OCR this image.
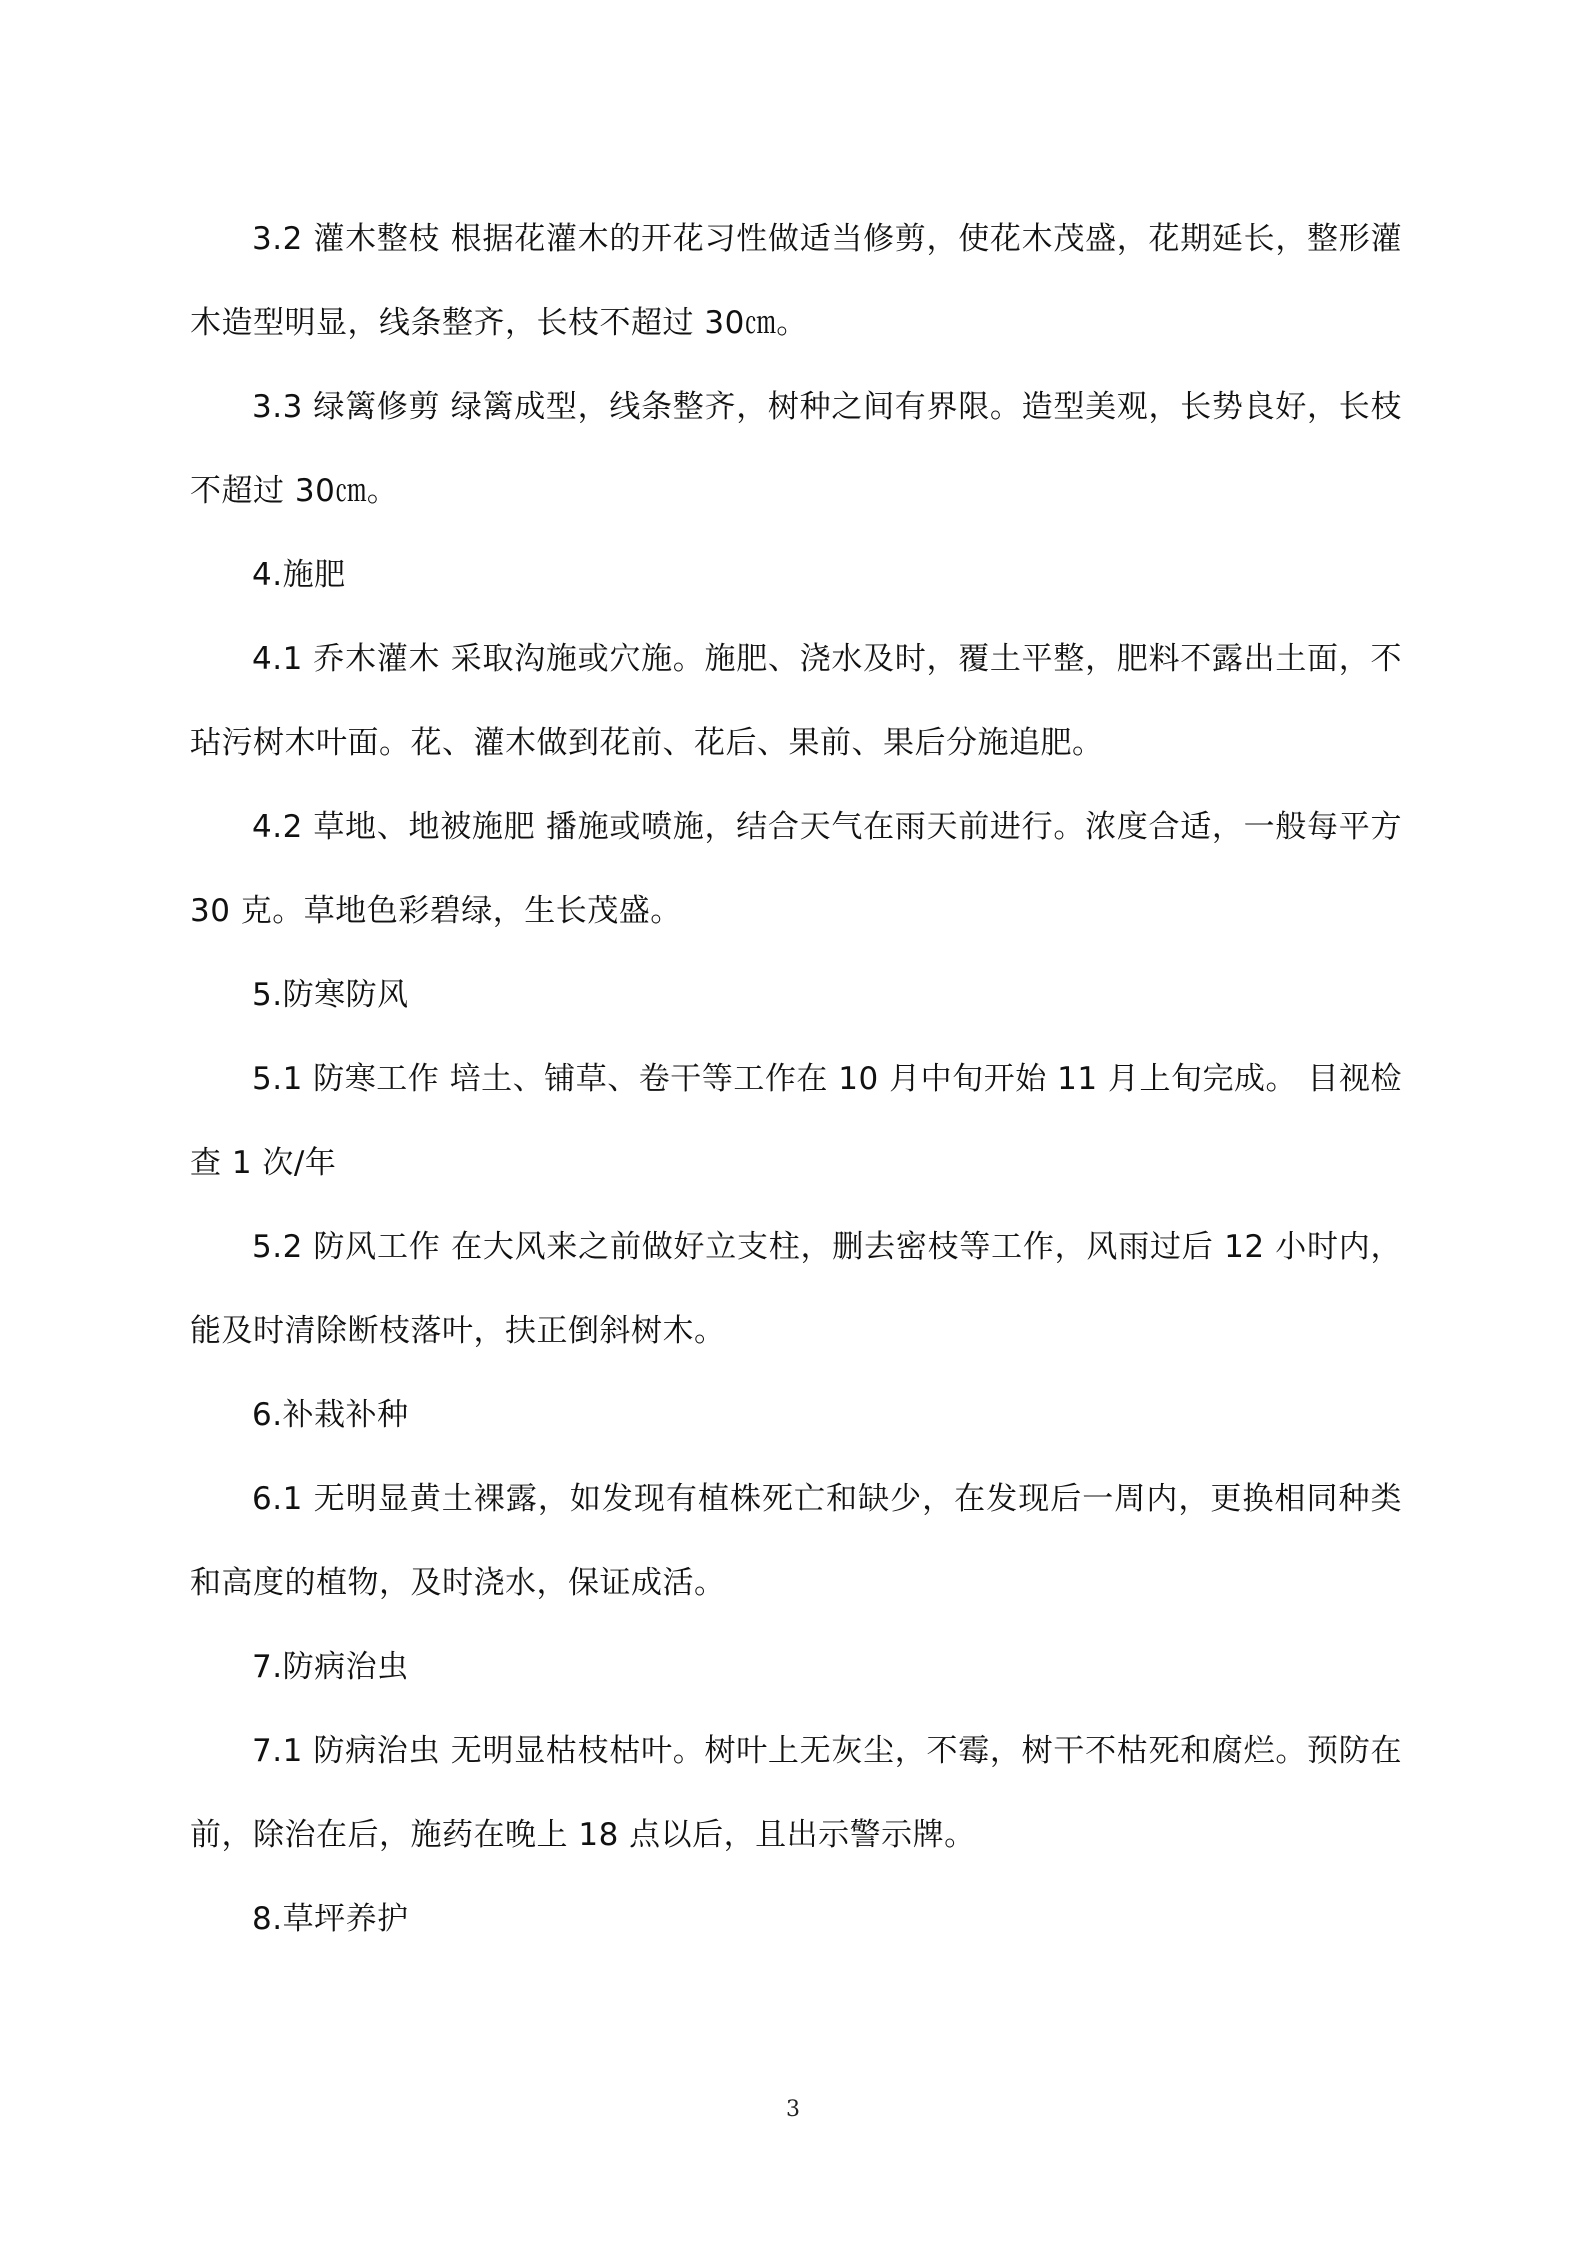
3.2 灌木整枝 根据花灌木的开花习性做适当修剪，使花木茂盛，花期延长，整形灌木造型明显，线条整齐，长枝不超过 30㎝。

3.3 绿篱修剪 绿篱成型，线条整齐，树种之间有界限。造型美观，长势良好，长枝不超过 30㎝。

4.施肥

4.1 乔木灌木 采取沟施或穴施。施肥、浇水及时，覆土平整，肥料不露出土面，不玷污树木叶面。花、灌木做到花前、花后、果前、果后分施追肥。

4.2 草地、地被施肥 播施或喷施，结合天气在雨天前进行。浓度合适，一般每平方 30 克。草地色彩碧绿，生长茂盛。

5.防寒防风

5.1 防寒工作 培土、铺草、卷干等工作在 10 月中旬开始 11 月上旬完成。 目视检查 1 次/年

5.2 防风工作 在大风来之前做好立支柱，删去密枝等工作，风雨过后 12 小时内，能及时清除断枝落叶，扶正倒斜树木。

6.补栽补种

6.1 无明显黄土裸露，如发现有植株死亡和缺少，在发现后一周内，更换相同种类和高度的植物，及时浇水，保证成活。

7.防病治虫

7.1 防病治虫 无明显枯枝枯叶。树叶上无灰尘，不霉，树干不枯死和腐烂。预防在前，除治在后，施药在晚上 18 点以后，且出示警示牌。

8.草坪养护

3
